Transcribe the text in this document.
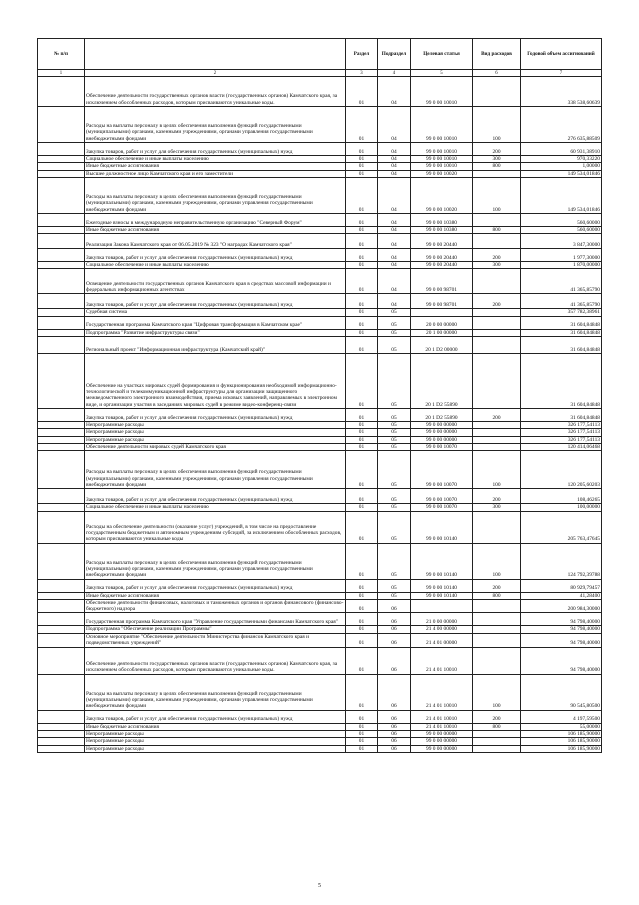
№ п/п		Раздел	Подраздел	Целевая статья	Вид расходов	Годовой объем ассигнований
1	2	3	4	5	6	7
	Обеспечение деятельности государственных органов власти (государственных органов) Камчатского края, за исключением обособленных расходов, которым присваиваются уникальные коды.	01	04	99 0 00 10010		338 538,60639
	Расходы на выплаты персоналу в целях обеспечения выполнения функций государственными (муниципальными) органами, казенными учреждениями, органами управления государственными внебюджетными фондами	01	04	99 0 00 10010	100	276 635,88509
	Закупка товаров, работ и услуг для обеспечения государственных (муниципальных) нужд	01	04	99 0 00 10010	200	60 931,38910
	Социальное обеспечение и иные выплаты населению	01	04	99 0 00 10010	300	970,33220
	Иные бюджетные ассигнования	01	04	99 0 00 10010	800	1,00000
	Высшее должностное лицо Камчатского края и его заместители	01	04	99 0 00 10020		149 534,01846
	Расходы на выплаты персоналу в целях обеспечения выполнения функций государственными (муниципальными) органами, казенными учреждениями, органами управления государственными внебюджетными фондами	01	04	99 0 00 10020	100	149 534,01846
	Ежегодные взносы в международную неправительственную организацию "Северный Форум"	01	04	99 0 00 10380		560,60000
	Иные бюджетные ассигнования	01	04	99 0 00 10380	800	560,60000
	Реализация Закона Камчатского края от 06.05.2019 № 323 "О наградах Камчатского края"	01	04	99 0 00 20440		3 847,30000
	Закупка товаров, работ и услуг для обеспечения государственных (муниципальных) нужд	01	04	99 0 00 20440	200	1 977,30000
	Социальное обеспечение и иные выплаты населению	01	04	99 0 00 20440	300	1 870,00000
	Освещение деятельности государственных органов Камчатского края в средствах массовой информации и федеральных информационных агентствах	01	04	99 0 00 98701		41 365,85790
	Закупка товаров, работ и услуг для обеспечения государственных (муниципальных) нужд	01	04	99 0 00 98701	200	41 365,85790
	Судебная система	01	05			357 782,38961
	Государственная программа Камчатского края "Цифровая трансформация в Камчатском крае"	01	05	20 0 00 00000		31 604,84848
	Подпрограмма "Развитие инфраструктуры связи"	01	05	20 1 00 00000		31 604,84848
	Региональный проект "Информационная инфраструктура (Камчатский край)"	01	05	20 1 D2 00000		31 604,84848
	Обеспечение на участках мировых судей формирования и функционирования необходимой информационно-технологической и телекоммуникационной инфраструктуры для организации защищенного межведомственного электронного взаимодействия, приема исковых заявлений, направляемых в электронном виде, и организации участия в заседаниях мировых судей в режиме видео-конференц-связи	01	05	20 1 D2 55890		31 604,84848
	Закупка товаров, работ и услуг для обеспечения государственных (муниципальных) нужд	01	05	20 1 D2 55890	200	31 604,84848
	Непрограммные расходы	01	05	99 0 00 00000		326 177,54113
	Непрограммные расходы	01	05	99 0 00 00000		326 177,54113
	Непрограммные расходы	01	05	99 0 00 00000		326 177,54113
	Обеспечение деятельности мировых судей Камчатского края	01	05	99 0 00 10070		120 414,06468
	Расходы на выплаты персоналу в целях обеспечения выполнения функций государственными (муниципальными) органами, казенными учреждениями, органами управления государственными внебюджетными фондами	01	05	99 0 00 10070	100	120 205,60203
	Закупка товаров, работ и услуг для обеспечения государственных (муниципальных) нужд	01	05	99 0 00 10070	200	108,46265
	Социальное обеспечение и иные выплаты населению	01	05	99 0 00 10070	300	100,00000
	Расходы на обеспечение деятельности (оказание услуг) учреждений, в том числе на предоставление государственным бюджетным и автономным учреждениям субсидий, за исключением обособленных расходов, которым присваиваются уникальные коды	01	05	99 0 00 10140		205 763,47645
	Расходы на выплаты персоналу в целях обеспечения выполнения функций государственными (муниципальными) органами, казенными учреждениями, органами управления государственными внебюджетными фондами	01	05	99 0 00 10140	100	124 792,39788
	Закупка товаров, работ и услуг для обеспечения государственных (муниципальных) нужд	01	05	99 0 00 10140	200	80 929,79457
	Иные бюджетные ассигнования	01	05	99 0 00 10140	800	41,28400
	Обеспечение деятельности финансовых, налоговых и таможенных органов и органов финансового (финансово-бюджетного) надзора	01	06			200 984,30000
	Государственная программа Камчатского края "Управление государственными финансами Камчатского края"	01	06	21 0 00 00000		94 798,40000
	Подпрограмма "Обеспечение реализации Программы"	01	06	21 4 00 00000		94 798,40000
	Основное мероприятие "Обеспечение деятельности Министерства финансов Камчатского края и подведомственных учреждений"	01	06	21 4 01 00000		94 798,40000
	Обеспечение деятельности государственных органов власти (государственных органов) Камчатского края, за исключением обособленных расходов, которым присваиваются уникальные коды.	01	06	21 4 01 10010		94 798,40000
	Расходы на выплаты персоналу в целях обеспечения выполнения функций государственными (муниципальными) органами, казенными учреждениями, органами управления государственными внебюджетными фондами	01	06	21 4 01 10010	100	90 545,80500
	Закупка товаров, работ и услуг для обеспечения государственных (муниципальных) нужд	01	06	21 4 01 10010	200	4 197,59500
	Иные бюджетные ассигнования	01	06	21 4 01 10010	800	55,00000
	Непрограммные расходы	01	06	99 0 00 00000		106 185,90000
	Непрограммные расходы	01	06	99 0 00 00000		106 185,90000
	Непрограммные расходы	01	06	99 0 00 00000		106 185,90000
5
